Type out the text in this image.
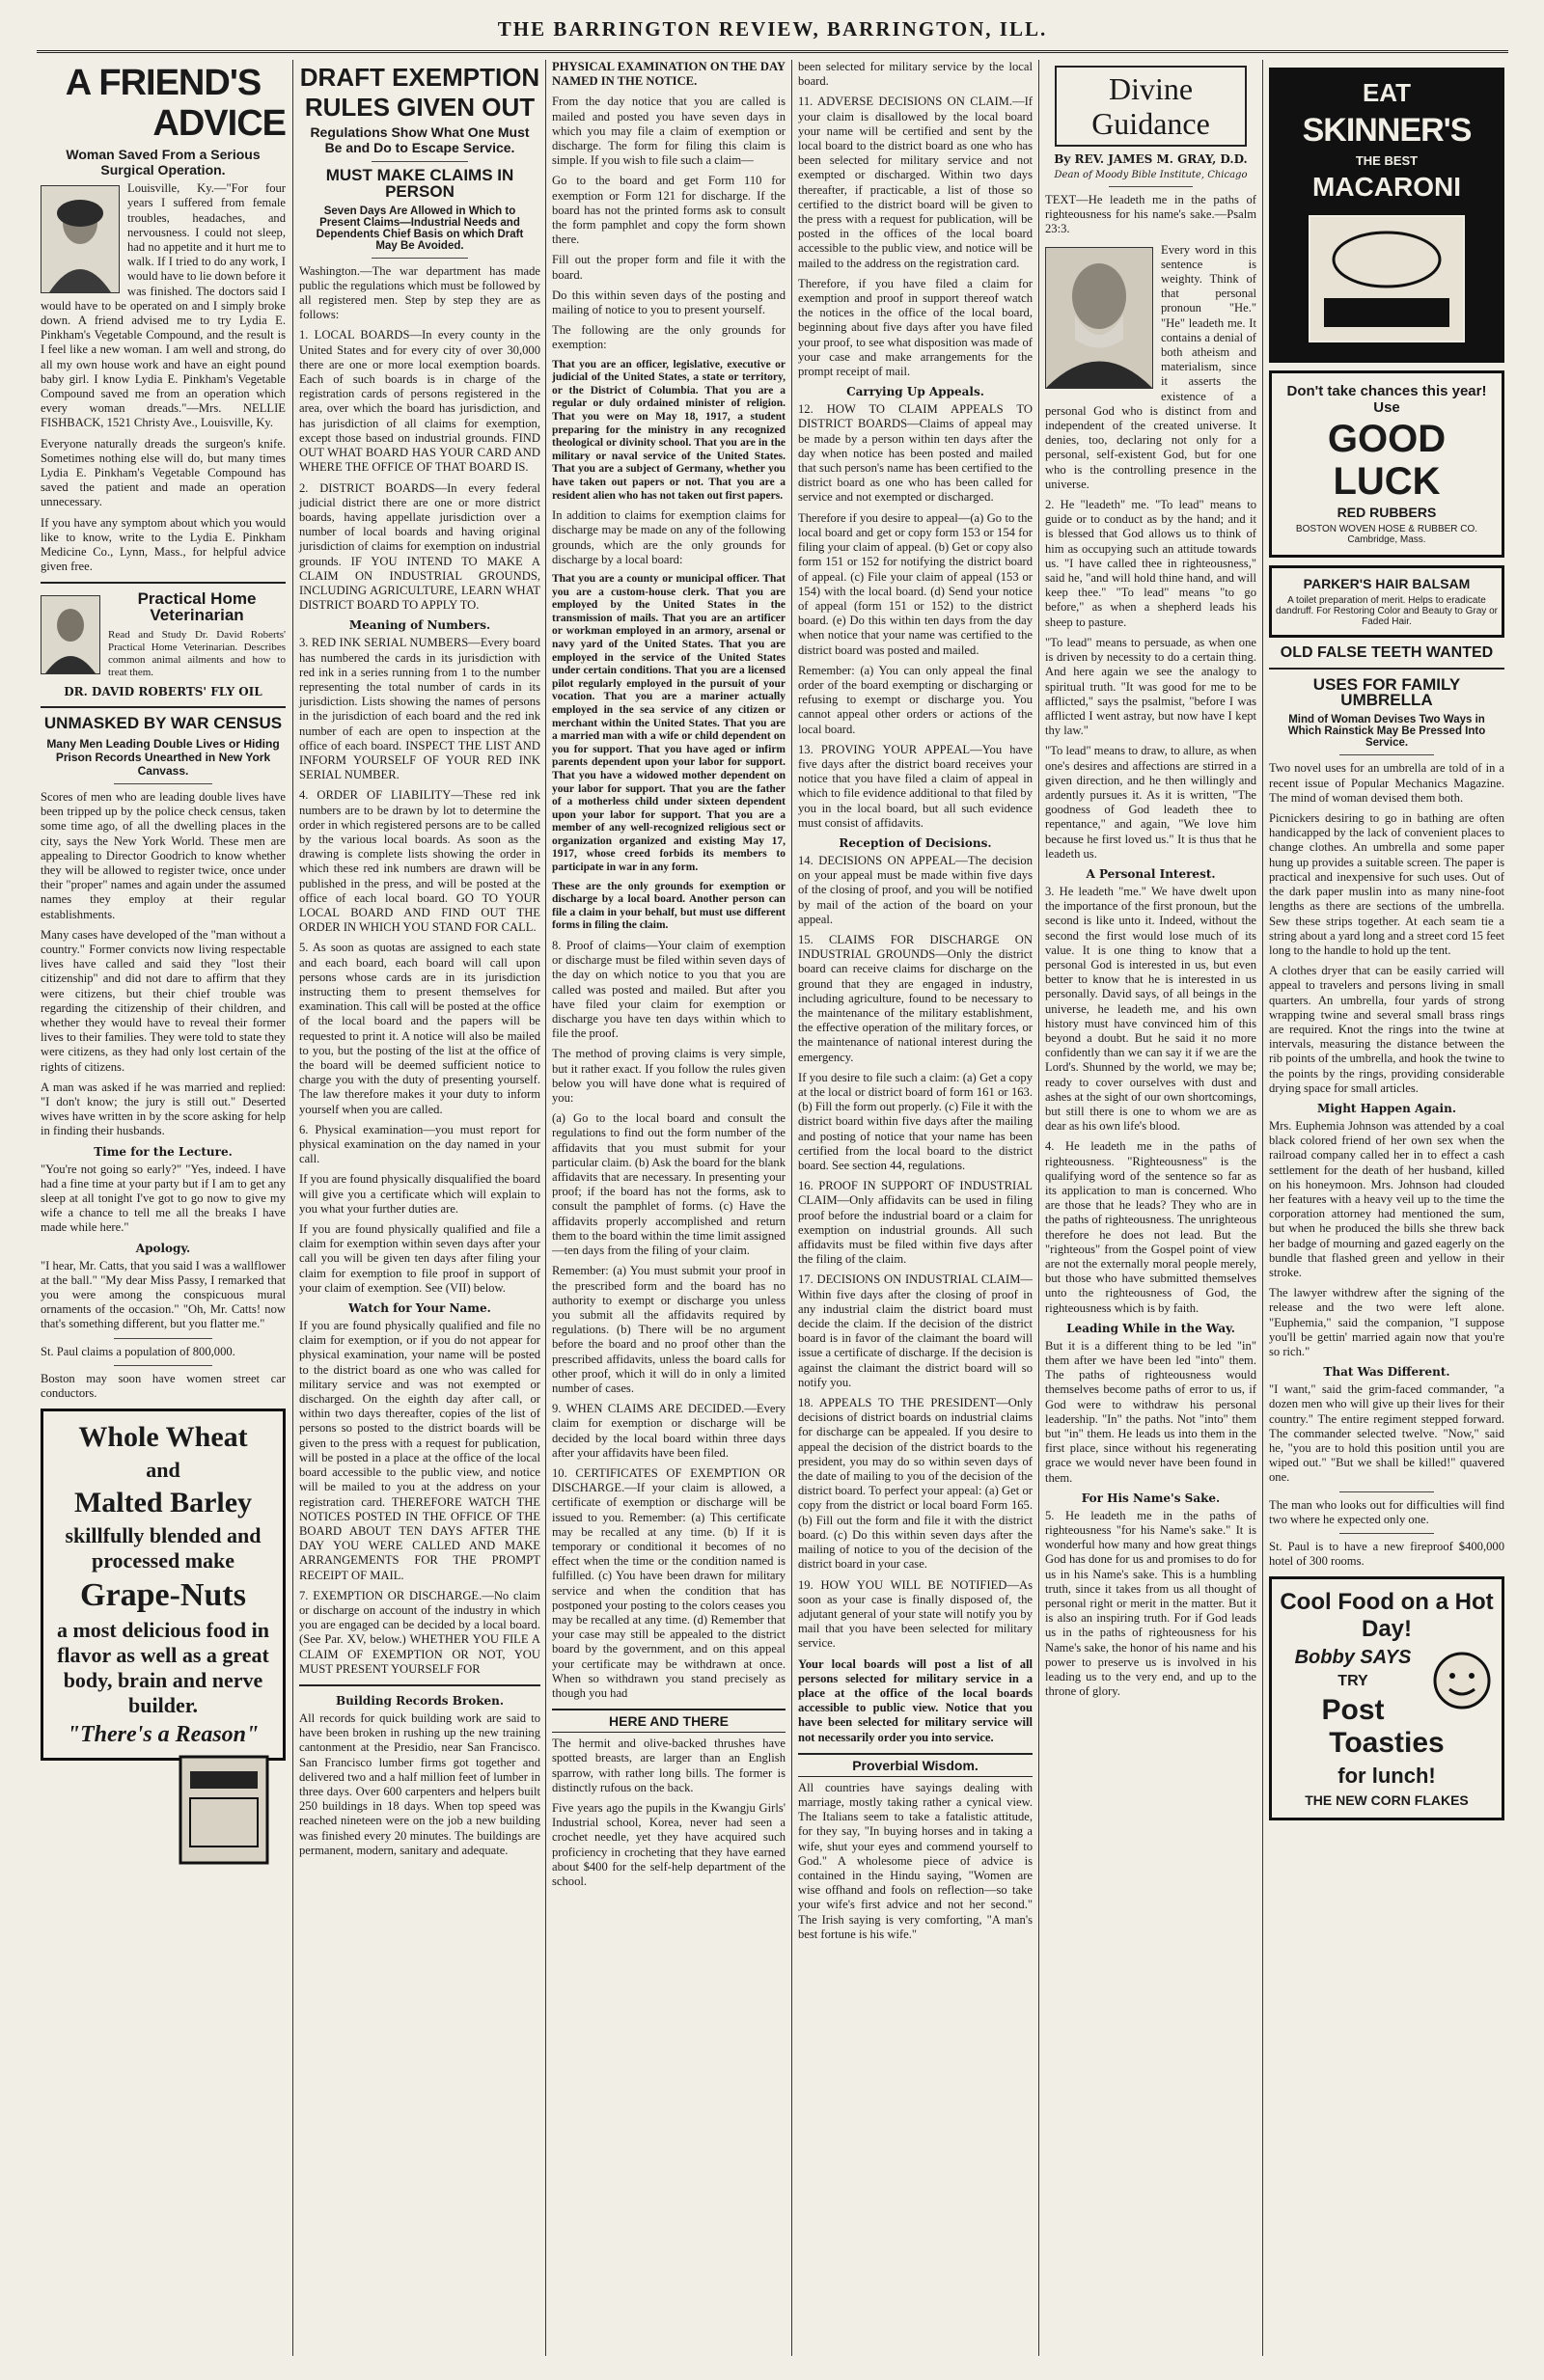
THE BARRINGTON REVIEW, BARRINGTON, ILL.
A FRIEND'S
ADVICE
Woman Saved From a Serious Surgical Operation.

Louisville, Ky.—"For four years I suffered from female troubles, headaches, and nervousness. I could not sleep, had no appetite and it hurt me to walk. If I tried to do any work, I would have to lie down before it was finished. The doctors said I would have to be operated on and I simply broke down. A friend advised me to try Lydia E. Pinkham's Vegetable Compound, and the result is I feel like a new woman. I am well and strong, do all my own house work and have an eight pound baby girl. I know Lydia E. Pinkham's Vegetable Compound saved me from an operation which every woman dreads."—Mrs. NELLIE FISHBACK, 1521 Christy Ave., Louisville, Ky.

Everyone naturally dreads the surgeon's knife. Sometimes nothing else will do, but many times Lydia E. Pinkham's Vegetable Compound has saved the patient and made an operation unnecessary.

If you have any symptom about which you would like to know, write to the Lydia E. Pinkham Medicine Co., Lynn, Mass., for helpful advice given free.

Practical Home Veterinarian

Read and Study Dr. David Roberts' Practical Home Veterinarian. Describes common animal ailments and how to treat them.

DR. DAVID ROBERTS' FLY OIL
UNMASKED BY WAR CENSUS
Many Men Leading Double Lives or Hiding Prison Records Unearthed in New York Canvass.

Scores of men who are leading double lives have been tripped up by the police check census, taken some time ago, of all the dwelling places in the city, says the New York World. These men are appealing to Director Goodrich to know whether they will be allowed to register twice, once under their "proper" names and again under the assumed names they employ at their regular establishments.

Many cases have developed of the "man without a country." Former convicts now living respectable lives have called and said they "lost their citizenship" and did not dare to affirm that they were citizens, but their chief trouble was regarding the citizenship of their children, and whether they would have to reveal their former lives to their families. They were told to state they were citizens, as they had only lost certain of the rights of citizens.

A man was asked if he was married and replied: "I don't know; the jury is still out." Deserted wives have written in by the score asking for help in finding their husbands.

Time for the Lecture.

"You're not going so early?" "Yes, indeed. I have had a fine time at your party but if I am to get any sleep at all tonight I've got to go now to give my wife a chance to tell me all the breaks I have made while here."

Apology.

"I hear, Mr. Catts, that you said I was a wallflower at the ball." "My dear Miss Passy, I remarked that you were among the conspicuous mural ornaments of the occasion." "Oh, Mr. Catts! now that's something different, but you flatter me."

St. Paul claims a population of 800,000.

Boston may soon have women street car conductors.

Whole Wheat
and
Malted Barley
skillfully blended and processed make
Grape-Nuts
a most delicious food in flavor as well as a great body, brain and nerve builder.
"There's a Reason"
DRAFT EXEMPTION
RULES GIVEN OUT
Regulations Show What One Must Be and Do to Escape Service.
MUST MAKE CLAIMS IN PERSON
Seven Days Are Allowed in Which to Present Claims—Industrial Needs and Dependents Chief Basis on which Draft May Be Avoided.

Washington.—The war department has made public the regulations which must be followed by all registered men. Step by step they are as follows:

1. LOCAL BOARDS—In every county in the United States and for every city of over 30,000 there are one or more local exemption boards. Each of such boards is in charge of the registration cards of persons registered in the area, over which the board has jurisdiction, and has jurisdiction of all claims for exemption, except those based on industrial grounds. FIND OUT WHAT BOARD HAS YOUR CARD AND WHERE THE OFFICE OF THAT BOARD IS.

2. DISTRICT BOARDS—In every federal judicial district there are one or more district boards, having appellate jurisdiction over a number of local boards and having original jurisdiction of claims for exemption on industrial grounds. IF YOU INTEND TO MAKE A CLAIM ON INDUSTRIAL GROUNDS, INCLUDING AGRICULTURE, LEARN WHAT DISTRICT BOARD TO APPLY TO.

Meaning of Numbers.

3. RED INK SERIAL NUMBERS—Every board has numbered the cards in its jurisdiction with red ink in a series running from 1 to the number representing the total number of cards in its jurisdiction. Lists showing the names of persons in the jurisdiction of each board and the red ink number of each are open to inspection at the office of each board. INSPECT THE LIST AND INFORM YOURSELF OF YOUR RED INK SERIAL NUMBER.

4. ORDER OF LIABILITY—These red ink numbers are to be drawn by lot to determine the order in which registered persons are to be called by the various local boards. As soon as the drawing is complete lists showing the order in which these red ink numbers are drawn will be published in the press, and will be posted at the office of each local board. GO TO YOUR LOCAL BOARD AND FIND OUT THE ORDER IN WHICH YOU STAND FOR CALL.

5. As soon as quotas are assigned to each state and each board, each board will call upon persons whose cards are in its jurisdiction instructing them to present themselves for examination. This call will be posted at the office of the local board and the papers will be requested to print it. A notice will also be mailed to you, but the posting of the list at the office of the board will be deemed sufficient notice to charge you with the duty of presenting yourself. The law therefore makes it your duty to inform yourself when you are called.

6. Physical examination—you must report for physical examination on the day named in your call.

If you are found physically disqualified the board will give you a certificate which will explain to you what your further duties are.

If you are found physically qualified and file a claim for exemption within seven days after your call you will be given ten days after filing your claim for exemption to file proof in support of your claim of exemption. See (VII) below.

Watch for Your Name.

If you are found physically qualified and file no claim for exemption, or if you do not appear for physical examination, your name will be posted to the district board as one who was called for military service and was not exempted or discharged. On the eighth day after call, or within two days thereafter, copies of the list of persons so posted to the district boards will be given to the press with a request for publication, will be posted in a place at the office of the local board accessible to the public view, and notice will be mailed to you at the address on your registration card. THEREFORE WATCH THE NOTICES POSTED IN THE OFFICE OF THE BOARD ABOUT TEN DAYS AFTER THE DAY YOU WERE CALLED AND MAKE ARRANGEMENTS FOR THE PROMPT RECEIPT OF MAIL.

7. EXEMPTION OR DISCHARGE.—No claim or discharge on account of the industry in which you are engaged can be decided by a local board. (See Par. XV, below.) WHETHER YOU FILE A CLAIM OF EXEMPTION OR NOT, YOU MUST PRESENT YOURSELF FOR

Building Records Broken.

All records for quick building work are said to have been broken in rushing up the new training cantonment at the Presidio, near San Francisco. San Francisco lumber firms got together and delivered two and a half million feet of lumber in three days. Over 600 carpenters and helpers built 250 buildings in 18 days. When top speed was reached nineteen were on the job a new building was finished every 20 minutes. The buildings are permanent, modern, sanitary and adequate.

PHYSICAL EXAMINATION ON THE DAY NAMED IN THE NOTICE.

From the day notice that you are called is mailed and posted you have seven days in which you may file a claim of exemption or discharge. The form for filing this claim is simple. If you wish to file such a claim—

Go to the board and get Form 110 for exemption or Form 121 for discharge. If the board has not the printed forms ask to consult the form pamphlet and copy the form shown there.

Fill out the proper form and file it with the board.

Do this within seven days of the posting and mailing of notice to you to present yourself.

The following are the only grounds for exemption:

That you are an officer, legislative, executive or judicial of the United States, a state or territory, or the District of Columbia. That you are a regular or duly ordained minister of religion. That you were on May 18, 1917, a student preparing for the ministry in any recognized theological or divinity school. That you are in the military or naval service of the United States. That you are a subject of Germany, whether you have taken out papers or not. That you are a resident alien who has not taken out first papers.

In addition to claims for exemption claims for discharge may be made on any of the following grounds, which are the only grounds for discharge by a local board:

That you are a county or municipal officer. That you are a custom-house clerk. That you are employed by the United States in the transmission of mails. That you are an artificer or workman employed in an armory, arsenal or navy yard of the United States. That you are employed in the service of the United States under certain conditions. That you are a licensed pilot regularly employed in the pursuit of your vocation. That you are a mariner actually employed in the sea service of any citizen or merchant within the United States. That you are a married man with a wife or child dependent on you for support. That you have aged or infirm parents dependent upon your labor for support. That you have a widowed mother dependent on your labor for support. That you are the father of a motherless child under sixteen dependent upon your labor for support. That you are a member of any well-recognized religious sect or organization organized and existing May 17, 1917, whose creed forbids its members to participate in war in any form.

These are the only grounds for exemption or discharge by a local board. Another person can file a claim in your behalf, but must use different forms in filing the claim.

8. Proof of claims—Your claim of exemption or discharge must be filed within seven days of the day on which notice to you that you are called was posted and mailed. But after you have filed your claim for exemption or discharge you have ten days within which to file the proof.

The method of proving claims is very simple, but it rather exact. If you follow the rules given below you will have done what is required of you:

(a) Go to the local board and consult the regulations to find out the form number of the affidavits that you must submit for your particular claim. (b) Ask the board for the blank affidavits that are necessary. In presenting your proof; if the board has not the forms, ask to consult the pamphlet of forms. (c) Have the affidavits properly accomplished and return them to the board within the time limit assigned—ten days from the filing of your claim.

Remember: (a) You must submit your proof in the prescribed form and the board has no authority to exempt or discharge you unless you submit all the affidavits required by regulations. (b) There will be no argument before the board and no proof other than the prescribed affidavits, unless the board calls for other proof, which it will do in only a limited number of cases.

9. WHEN CLAIMS ARE DECIDED.—Every claim for exemption or discharge will be decided by the local board within three days after your affidavits have been filed.

10. CERTIFICATES OF EXEMPTION OR DISCHARGE.—If your claim is allowed, a certificate of exemption or discharge will be issued to you. Remember: (a) This certificate may be recalled at any time. (b) If it is temporary or conditional it becomes of no effect when the time or the condition named is fulfilled. (c) You have been drawn for military service and when the condition that has postponed your posting to the colors ceases you may be recalled at any time. (d) Remember that your case may still be appealed to the district board by the government, and on this appeal your certificate may be withdrawn at once. When so withdrawn you stand precisely as though you had

HERE AND THERE

The hermit and olive-backed thrushes have spotted breasts, are larger than an English sparrow, with rather long bills. The former is distinctly rufous on the back.

Five years ago the pupils in the Kwangju Girls' Industrial school, Korea, never had seen a crochet needle, yet they have acquired such proficiency in crocheting that they have earned about $400 for the self-help department of the school.

been selected for military service by the local board.

11. ADVERSE DECISIONS ON CLAIM.—If your claim is disallowed by the local board your name will be certified and sent by the local board to the district board as one who has been selected for military service and not exempted or discharged. Within two days thereafter, if practicable, a list of those so certified to the district board will be given to the press with a request for publication, will be posted in the offices of the local board accessible to the public view, and notice will be mailed to the address on the registration card.

Therefore, if you have filed a claim for exemption and proof in support thereof watch the notices in the office of the local board, beginning about five days after you have filed your proof, to see what disposition was made of your case and make arrangements for the prompt receipt of mail.

Carrying Up Appeals.

12. HOW TO CLAIM APPEALS TO DISTRICT BOARDS—Claims of appeal may be made by a person within ten days after the day when notice has been posted and mailed that such person's name has been certified to the district board as one who has been called for service and not exempted or discharged.

Therefore if you desire to appeal—(a) Go to the local board and get or copy form 153 or 154 for filing your claim of appeal. (b) Get or copy also form 151 or 152 for notifying the district board of appeal. (c) File your claim of appeal (153 or 154) with the local board. (d) Send your notice of appeal (form 151 or 152) to the district board. (e) Do this within ten days from the day when notice that your name was certified to the district board was posted and mailed.

Remember: (a) You can only appeal the final order of the board exempting or discharging or refusing to exempt or discharge you. You cannot appeal other orders or actions of the local board.

13. PROVING YOUR APPEAL—You have five days after the district board receives your notice that you have filed a claim of appeal in which to file evidence additional to that filed by you in the local board, but all such evidence must consist of affidavits.

Reception of Decisions.

14. DECISIONS ON APPEAL—The decision on your appeal must be made within five days of the closing of proof, and you will be notified by mail of the action of the board on your appeal.

15. CLAIMS FOR DISCHARGE ON INDUSTRIAL GROUNDS—Only the district board can receive claims for discharge on the ground that they are engaged in industry, including agriculture, found to be necessary to the maintenance of the military establishment, the effective operation of the military forces, or the maintenance of national interest during the emergency.

If you desire to file such a claim: (a) Get a copy at the local or district board of form 161 or 163. (b) Fill the form out properly. (c) File it with the district board within five days after the mailing and posting of notice that your name has been certified from the local board to the district board. See section 44, regulations.

16. PROOF IN SUPPORT OF INDUSTRIAL CLAIM—Only affidavits can be used in filing proof before the industrial board or a claim for exemption on industrial grounds. All such affidavits must be filed within five days after the filing of the claim.

17. DECISIONS ON INDUSTRIAL CLAIM—Within five days after the closing of proof in any industrial claim the district board must decide the claim. If the decision of the district board is in favor of the claimant the board will issue a certificate of discharge. If the decision is against the claimant the district board will so notify you.

18. APPEALS TO THE PRESIDENT—Only decisions of district boards on industrial claims for discharge can be appealed. If you desire to appeal the decision of the district boards to the president, you may do so within seven days of the date of mailing to you of the decision of the district board. To perfect your appeal: (a) Get or copy from the district or local board Form 165. (b) Fill out the form and file it with the district board. (c) Do this within seven days after the mailing of notice to you of the decision of the district board in your case.

19. HOW YOU WILL BE NOTIFIED—As soon as your case is finally disposed of, the adjutant general of your state will notify you by mail that you have been selected for military service.

Your local boards will post a list of all persons selected for military service in a place at the office of the local boards accessible to public view. Notice that you have been selected for military service will not necessarily order you into service.

Proverbial Wisdom.

All countries have sayings dealing with marriage, mostly taking rather a cynical view. The Italians seem to take a fatalistic attitude, for they say, "In buying horses and in taking a wife, shut your eyes and commend yourself to God." A wholesome piece of advice is contained in the Hindu saying, "Women are wise offhand and fools on reflection—so take your wife's first advice and not her second." The Irish saying is very comforting, "A man's best fortune is his wife."

Divine
Guidance
By REV. JAMES M. GRAY, D.D.
Dean of Moody Bible Institute, Chicago

TEXT—He leadeth me in the paths of righteousness for his name's sake.—Psalm 23:3.

Every word in this sentence is weighty. Think of that personal pronoun "He." "He" leadeth me. It contains a denial of both atheism and materialism, since it asserts the existence of a personal God who is distinct from and independent of the created universe. It denies, too, declaring not only for a personal, self-existent God, but for one who is the controlling presence in the universe.

2. He "leadeth" me. "To lead" means to guide or to conduct as by the hand; and it is blessed that God allows us to think of him as occupying such an attitude towards us. "I have called thee in righteousness," said he, "and will hold thine hand, and will keep thee." "To lead" means "to go before," as when a shepherd leads his sheep to pasture.

"To lead" means to persuade, as when one is driven by necessity to do a certain thing. And here again we see the analogy to spiritual truth. "It was good for me to be afflicted," says the psalmist, "before I was afflicted I went astray, but now have I kept thy law."

"To lead" means to draw, to allure, as when one's desires and affections are stirred in a given direction, and he then willingly and ardently pursues it. As it is written, "The goodness of God leadeth thee to repentance," and again, "We love him because he first loved us." It is thus that he leadeth us.

A Personal Interest.

3. He leadeth "me." We have dwelt upon the importance of the first pronoun, but the second is like unto it. Indeed, without the second the first would lose much of its value. It is one thing to know that a personal God is interested in us, but even better to know that he is interested in us personally. David says, of all beings in the universe, he leadeth me, and his own history must have convinced him of this beyond a doubt. But he said it no more confidently than we can say it if we are the Lord's. Shunned by the world, we may be; ready to cover ourselves with dust and ashes at the sight of our own shortcomings, but still there is one to whom we are as dear as his own life's blood.

4. He leadeth me in the paths of righteousness. "Righteousness" is the qualifying word of the sentence so far as its application to man is concerned. Who are those that he leads? They who are in the paths of righteousness. The unrighteous therefore he does not lead. But the "righteous" from the Gospel point of view are not the externally moral people merely, but those who have submitted themselves unto the righteousness of God, the righteousness which is by faith.

Leading While in the Way.

But it is a different thing to be led "in" them after we have been led "into" them. The paths of righteousness would themselves become paths of error to us, if God were to withdraw his personal leadership. "In" the paths. Not "into" them but "in" them. He leads us into them in the first place, since without his regenerating grace we would never have been found in them.

For His Name's Sake.

5. He leadeth me in the paths of righteousness "for his Name's sake." It is wonderful how many and how great things God has done for us and promises to do for us in his Name's sake. This is a humbling truth, since it takes from us all thought of personal right or merit in the matter. But it is also an inspiring truth. For if God leads us in the paths of righteousness for his Name's sake, the honor of his name and his power to preserve us is involved in his leading us to the very end, and up to the throne of glory.

EAT
SKINNER'S
THE BEST
MACARONI
Don't take chances this year! Use
GOOD
LUCK
RED RUBBERS
BOSTON WOVEN HOSE & RUBBER CO. Cambridge, Mass.
PARKER'S HAIR BALSAM
A toilet preparation of merit. Helps to eradicate dandruff. For Restoring Color and Beauty to Gray or Faded Hair.
OLD FALSE TEETH WANTED
USES FOR FAMILY UMBRELLA
Mind of Woman Devises Two Ways in Which Rainstick May Be Pressed Into Service.

Two novel uses for an umbrella are told of in a recent issue of Popular Mechanics Magazine. The mind of woman devised them both.

Picnickers desiring to go in bathing are often handicapped by the lack of convenient places to change clothes. An umbrella and some paper hung up provides a suitable screen. The paper is practical and inexpensive for such uses. Out of the dark paper muslin into as many nine-foot lengths as there are sections of the umbrella. Sew these strips together. At each seam tie a string about a yard long and a street cord 15 feet long to the handle to hold up the tent.

A clothes dryer that can be easily carried will appeal to travelers and persons living in small quarters. An umbrella, four yards of strong wrapping twine and several small brass rings are required. Knot the rings into the twine at intervals, measuring the distance between the rib points of the umbrella, and hook the twine to the points by the rings, providing considerable drying space for small articles.

Might Happen Again.

Mrs. Euphemia Johnson was attended by a coal black colored friend of her own sex when the railroad company called her in to effect a cash settlement for the death of her husband, killed on his honeymoon. Mrs. Johnson had clouded her features with a heavy veil up to the time the corporation attorney had mentioned the sum, but when he produced the bills she threw back her badge of mourning and gazed eagerly on the bundle that flashed green and yellow in their stroke.

The lawyer withdrew after the signing of the release and the two were left alone. "Euphemia," said the companion, "I suppose you'll be gettin' married again now that you're so rich."

That Was Different.

"I want," said the grim-faced commander, "a dozen men who will give up their lives for their country." The entire regiment stepped forward. The commander selected twelve. "Now," said he, "you are to hold this position until you are wiped out." "But we shall be killed!" quavered one.

The man who looks out for difficulties will find two where he expected only one.

St. Paul is to have a new fireproof $400,000 hotel of 300 rooms.

Cool Food on a Hot Day!
Bobby SAYS
TRY
Post Toasties
for lunch!
THE NEW CORN FLAKES
